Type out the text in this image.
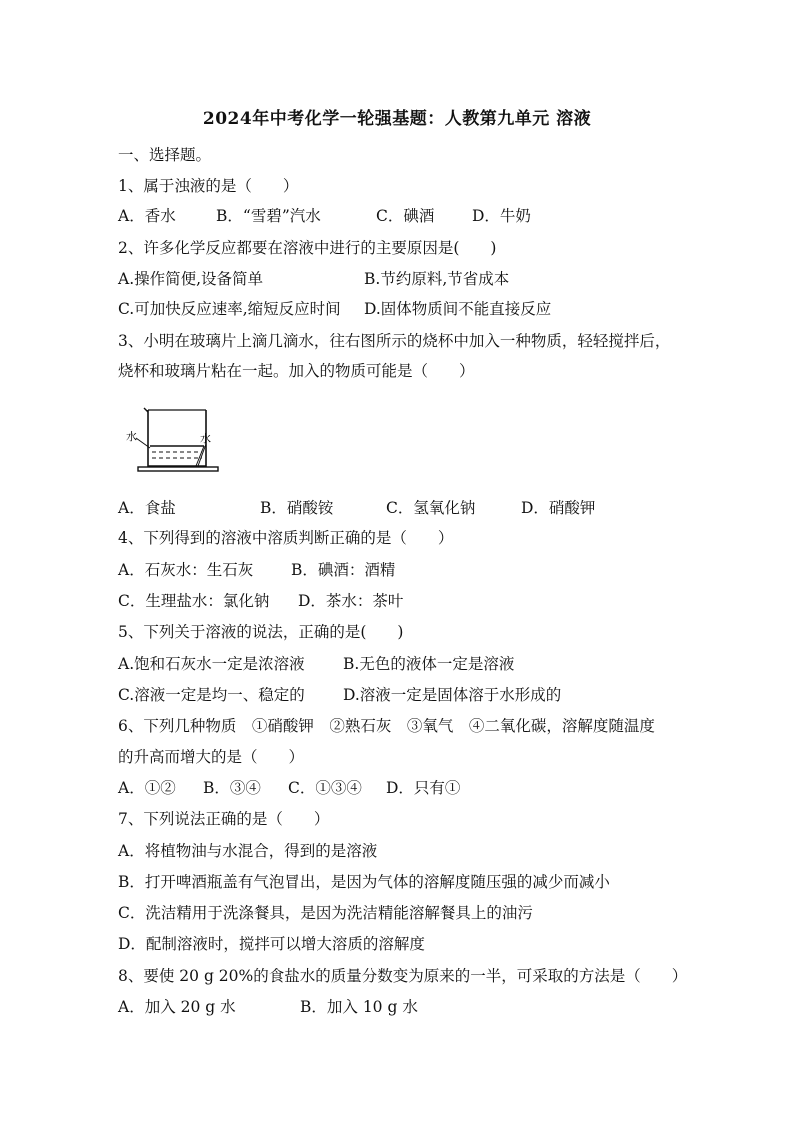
2024年中考化学一轮强基题：人教第九单元 溶液
一、选择题。
1、属于浊液的是（　　）
A．香水	B．“雪碧”汽水	C．碘酒 D．牛奶
2、许多化学反应都要在溶液中进行的主要原因是(　　)
A.操作简便,设备简单	B.节约原料,节省成本
C.可加快反应速率,缩短反应时间 D.固体物质间不能直接反应
3、小明在玻璃片上滴几滴水，往右图所示的烧杯中加入一种物质，轻轻搅拌后，
烧杯和玻璃片粘在一起。加入的物质可能是（　　）
水	水
A．食盐	B．硝酸铵	C．氢氧化钠	D．硝酸钾
4、下列得到的溶液中溶质判断正确的是（　　）
A．石灰水：生石灰 B．碘酒：酒精
C．生理盐水：氯化钠 D．茶水：茶叶
5、下列关于溶液的说法，正确的是(　　)
A.饱和石灰水一定是浓溶液 B.无色的液体一定是溶液
C.溶液一定是均一、稳定的 D.溶液一定是固体溶于水形成的
6、下列几种物质　①硝酸钾　②熟石灰　③氧气　④二氧化碳，溶解度随温度
的升高而增大的是（　　）
A．①② B．③④ C．①③④ D．只有①
7、下列说法正确的是（　　）
A．将植物油与水混合，得到的是溶液
B．打开啤酒瓶盖有气泡冒出，是因为气体的溶解度随压强的减少而减小
C．洗洁精用于洗涤餐具，是因为洗洁精能溶解餐具上的油污
D．配制溶液时，搅拌可以增大溶质的溶解度
8、要使 20 g 20%的食盐水的质量分数变为原来的一半，可采取的方法是（　　）
A．加入 20 g 水	B．加入 10 g 水
